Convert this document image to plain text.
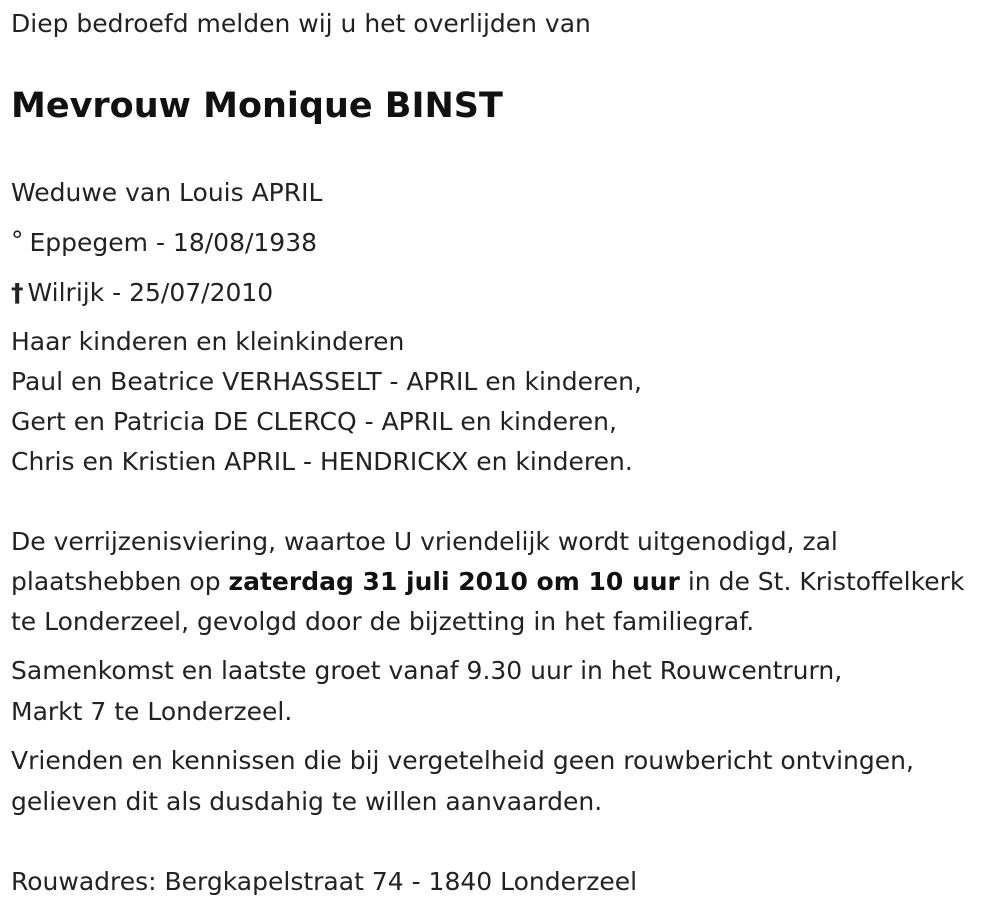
Diep bedroefd melden wij u het overlijden van
Mevrouw Monique BINST
Weduwe van Louis APRIL
° Eppegem - 18/08/1938
† Wilrijk - 25/07/2010
Haar kinderen en kleinkinderen
Paul en Beatrice VERHASSELT - APRIL en kinderen,
Gert en Patricia DE CLERCQ - APRIL en kinderen,
Chris en Kristien APRIL - HENDRICKX en kinderen.
De verrijzenisviering, waartoe U vriendelijk wordt uitgenodigd, zal
plaatshebben op zaterdag 31 juli 2010 om 10 uur in de St. Kristoffelkerk
te Londerzeel, gevolgd door de bijzetting in het familiegraf.
Samenkomst en laatste groet vanaf 9.30 uur in het Rouwcentrurn,
Markt 7 te Londerzeel.
Vrienden en kennissen die bij vergetelheid geen rouwbericht ontvingen,
gelieven dit als dusdahig te willen aanvaarden.
Rouwadres: Bergkapelstraat 74 - 1840 Londerzeel
